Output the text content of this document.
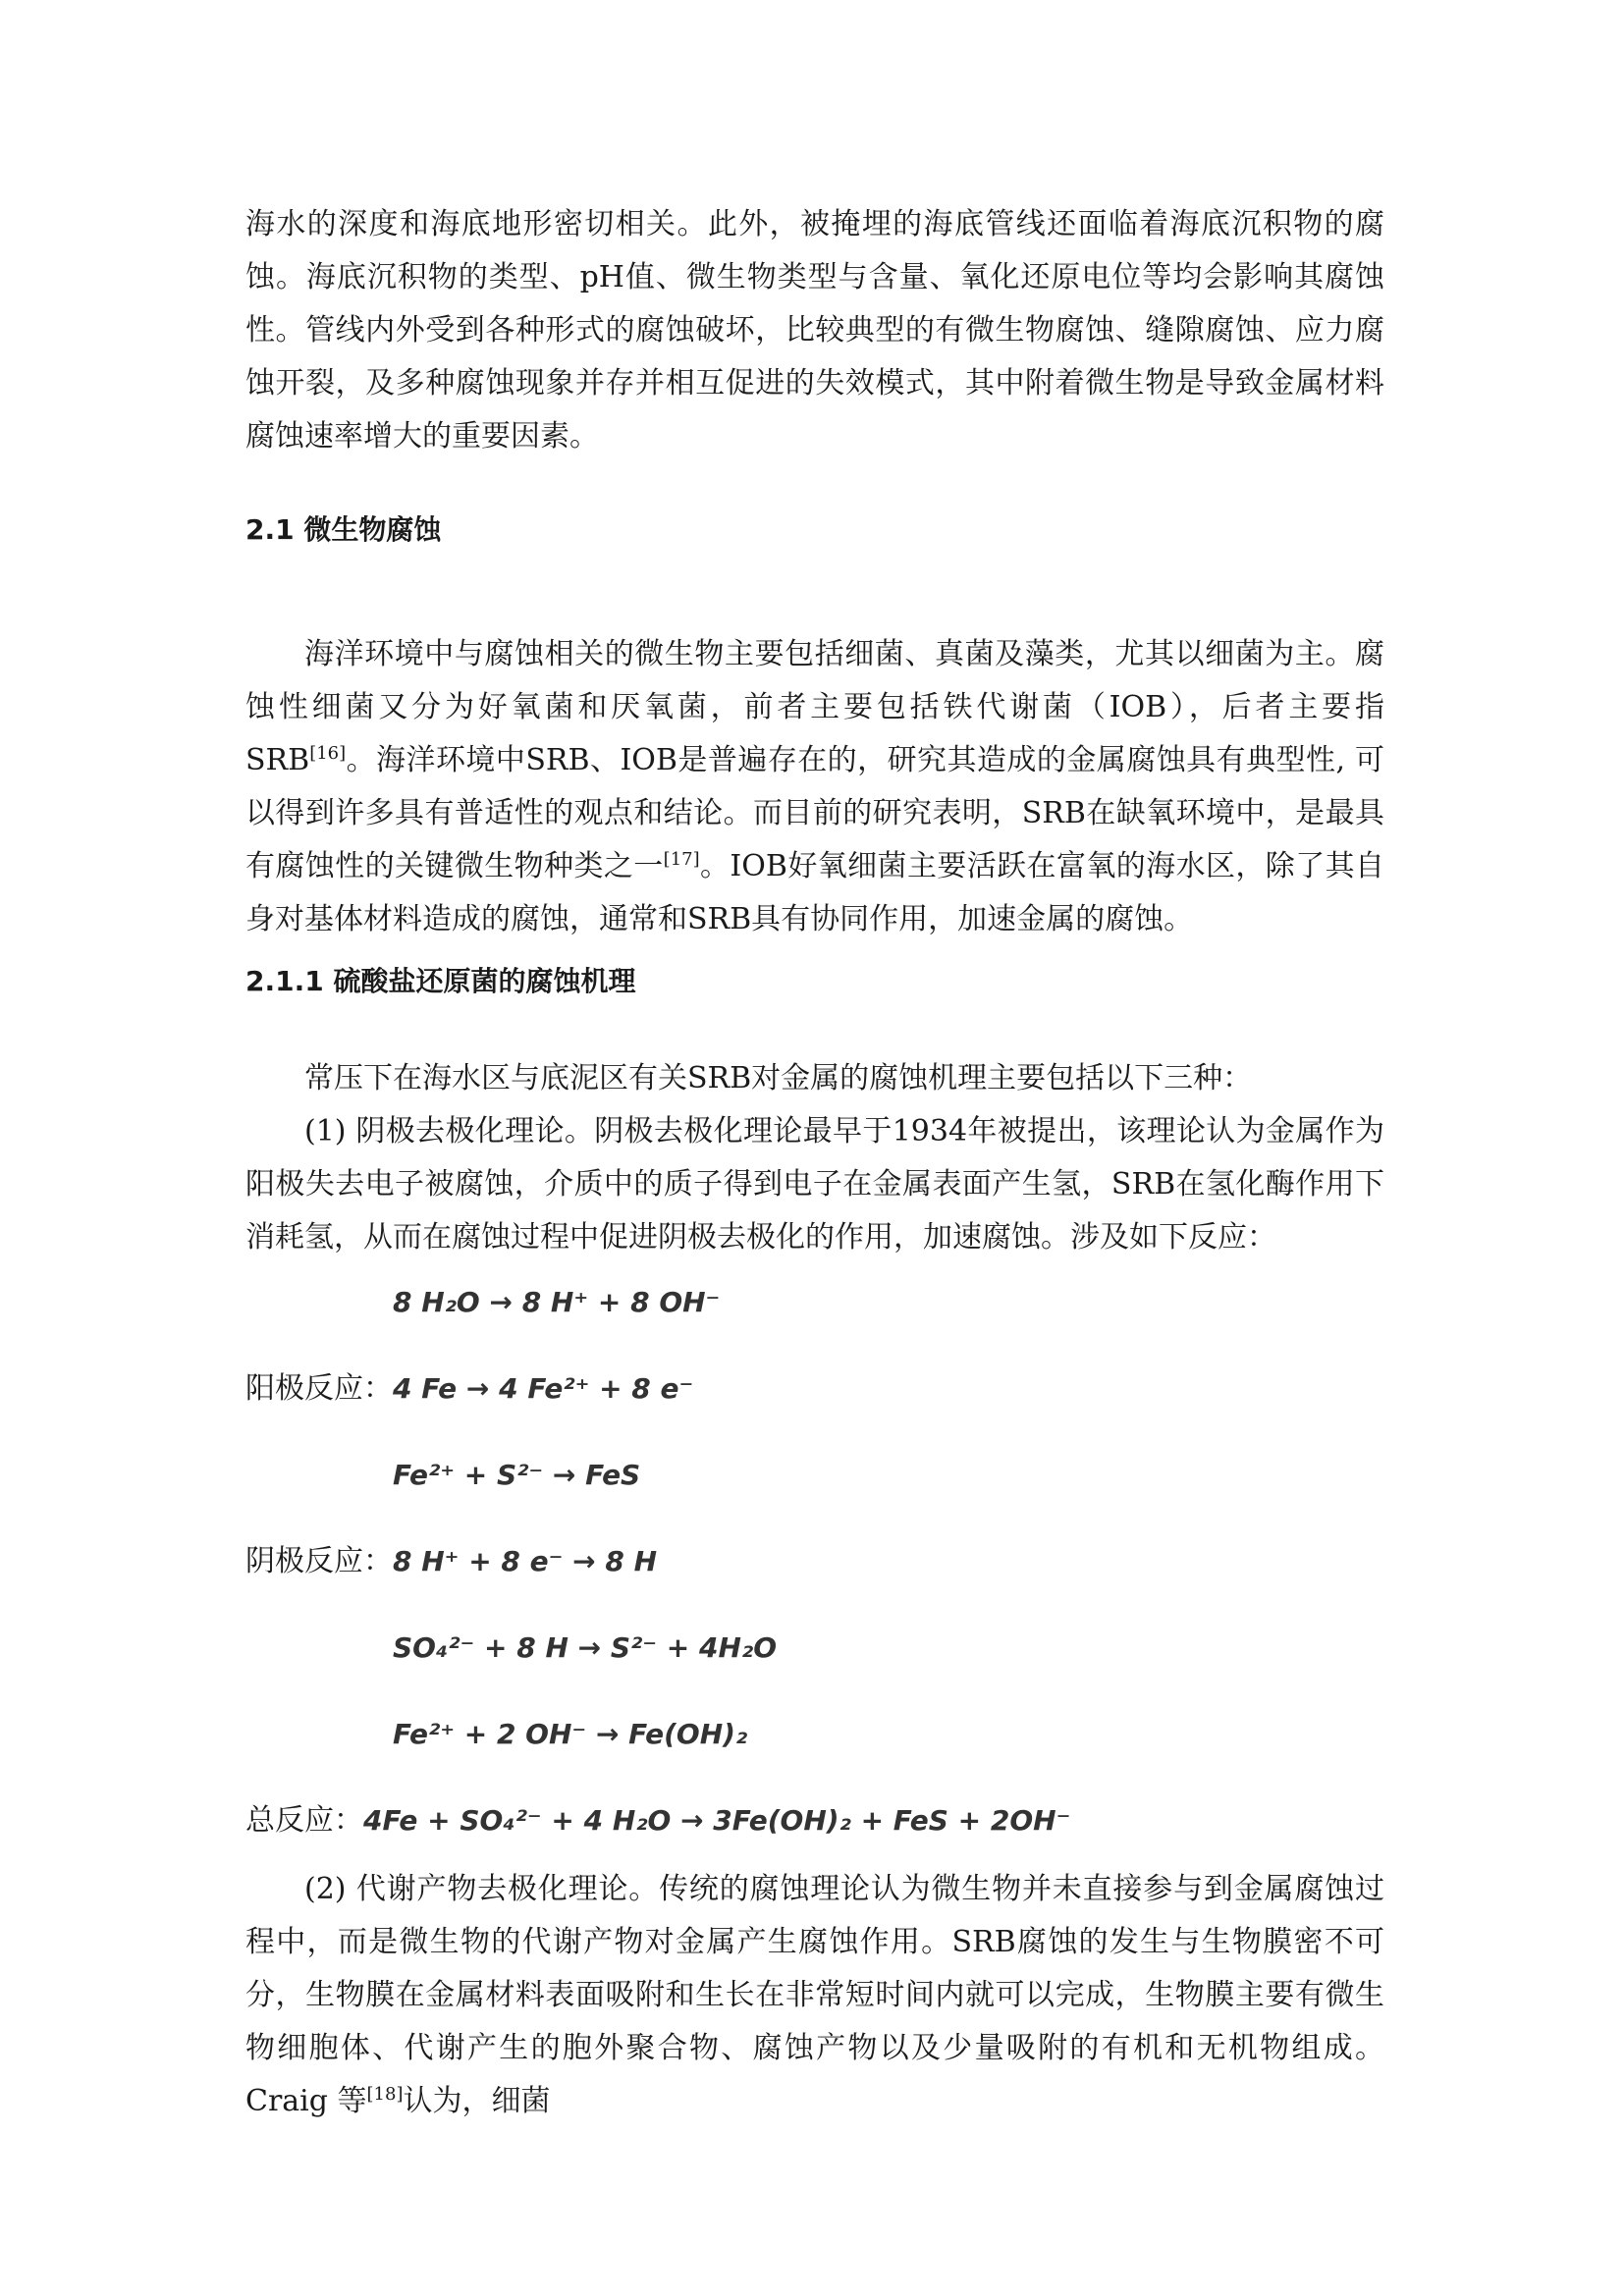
海水的深度和海底地形密切相关。此外，被掩埋的海底管线还面临着海底沉积物的腐蚀。海底沉积物的类型、pH值、微生物类型与含量、氧化还原电位等均会影响其腐蚀性。管线内外受到各种形式的腐蚀破坏，比较典型的有微生物腐蚀、缝隙腐蚀、应力腐蚀开裂，及多种腐蚀现象并存并相互促进的失效模式，其中附着微生物是导致金属材料腐蚀速率增大的重要因素。

2.1 微生物腐蚀

海洋环境中与腐蚀相关的微生物主要包括细菌、真菌及藻类，尤其以细菌为主。腐蚀性细菌又分为好氧菌和厌氧菌，前者主要包括铁代谢菌（IOB），后者主要指SRB[16]。海洋环境中SRB、IOB是普遍存在的，研究其造成的金属腐蚀具有典型性, 可以得到许多具有普适性的观点和结论。而目前的研究表明，SRB在缺氧环境中，是最具有腐蚀性的关键微生物种类之一[17]。IOB好氧细菌主要活跃在富氧的海水区，除了其自身对基体材料造成的腐蚀，通常和SRB具有协同作用，加速金属的腐蚀。

2.1.1 硫酸盐还原菌的腐蚀机理

常压下在海水区与底泥区有关SRB对金属的腐蚀机理主要包括以下三种：

(1) 阴极去极化理论。阴极去极化理论最早于1934年被提出，该理论认为金属作为阳极失去电子被腐蚀，介质中的质子得到电子在金属表面产生氢，SRB在氢化酶作用下消耗氢，从而在腐蚀过程中促进阴极去极化的作用，加速腐蚀。涉及如下反应：

8 H₂O → 8 H⁺ + 8 OH⁻
阳极反应：4 Fe → 4 Fe²⁺ + 8 e⁻
Fe²⁺ + S²⁻ → FeS
阴极反应：8 H⁺ + 8 e⁻ → 8 H
SO₄²⁻ + 8 H → S²⁻ + 4H₂O
Fe²⁺ + 2 OH⁻ → Fe(OH)₂
总反应：4Fe + SO₄²⁻ + 4 H₂O → 3Fe(OH)₂ + FeS + 2OH⁻

(2) 代谢产物去极化理论。传统的腐蚀理论认为微生物并未直接参与到金属腐蚀过程中，而是微生物的代谢产物对金属产生腐蚀作用。SRB腐蚀的发生与生物膜密不可分，生物膜在金属材料表面吸附和生长在非常短时间内就可以完成，生物膜主要有微生物细胞体、代谢产生的胞外聚合物、腐蚀产物以及少量吸附的有机和无机物组成。Craig 等[18]认为，细菌
